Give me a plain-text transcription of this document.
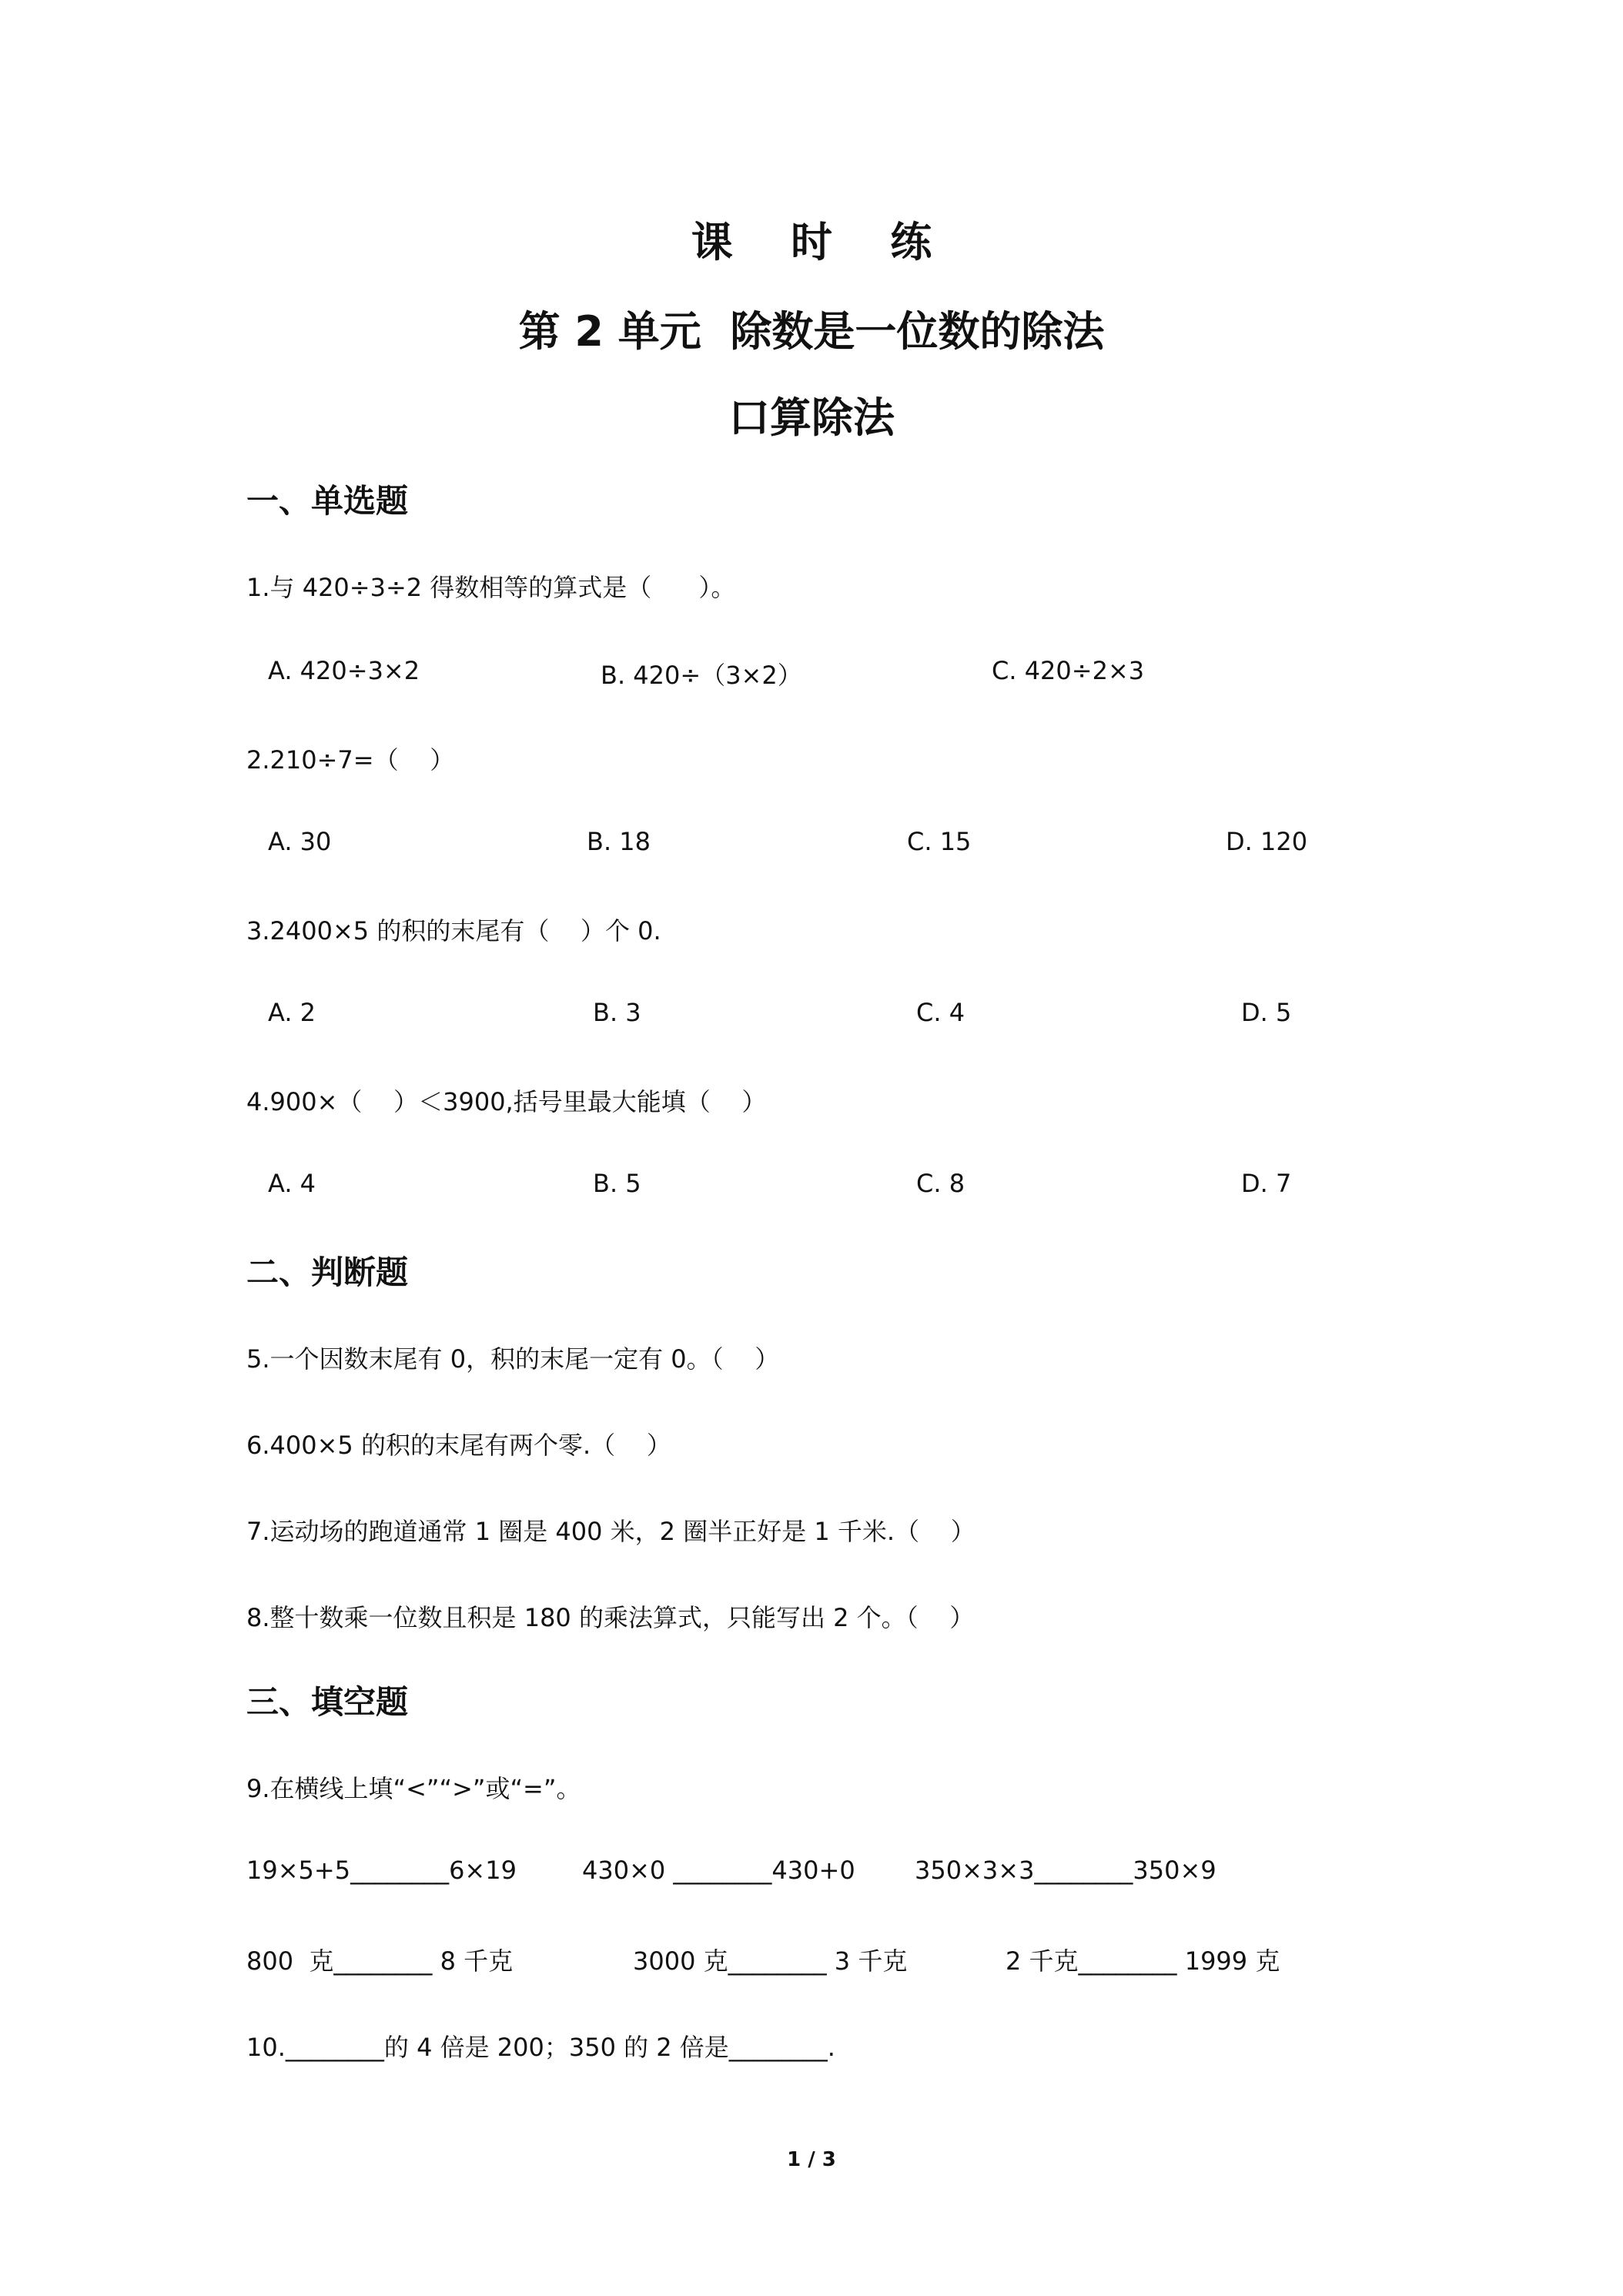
课    时    练
第 2 单元  除数是一位数的除法
口算除法
一、单选题
1.与 420÷3÷2 得数相等的算式是（      ）。
A. 420÷3×2	B. 420÷（3×2）	C. 420÷2×3
2.210÷7=（    ）
A. 30	B. 18	C. 15	D. 120
3.2400×5 的积的末尾有（    ）个 0.
A. 2	B. 3	C. 4	D. 5
4.900×（    ）＜3900,括号里最大能填（    ）
A. 4	B. 5	C. 8	D. 7
二、判断题
5.一个因数末尾有 0，积的末尾一定有 0。（    ）
6.400×5 的积的末尾有两个零.（    ）
7.运动场的跑道通常 1 圈是 400 米，2 圈半正好是 1 千米.（    ）
8.整十数乘一位数且积是 180 的乘法算式，只能写出 2 个。（    ）
三、填空题
9.在横线上填“<”“>”或“=”。
19×5+5________6×19	430×0 ________430+0 350×3×3________350×9
800  克________ 8 千克	3000 克________ 3 千克	2 千克________ 1999 克
10.________的 4 倍是 200；350 的 2 倍是________.
1 / 3
